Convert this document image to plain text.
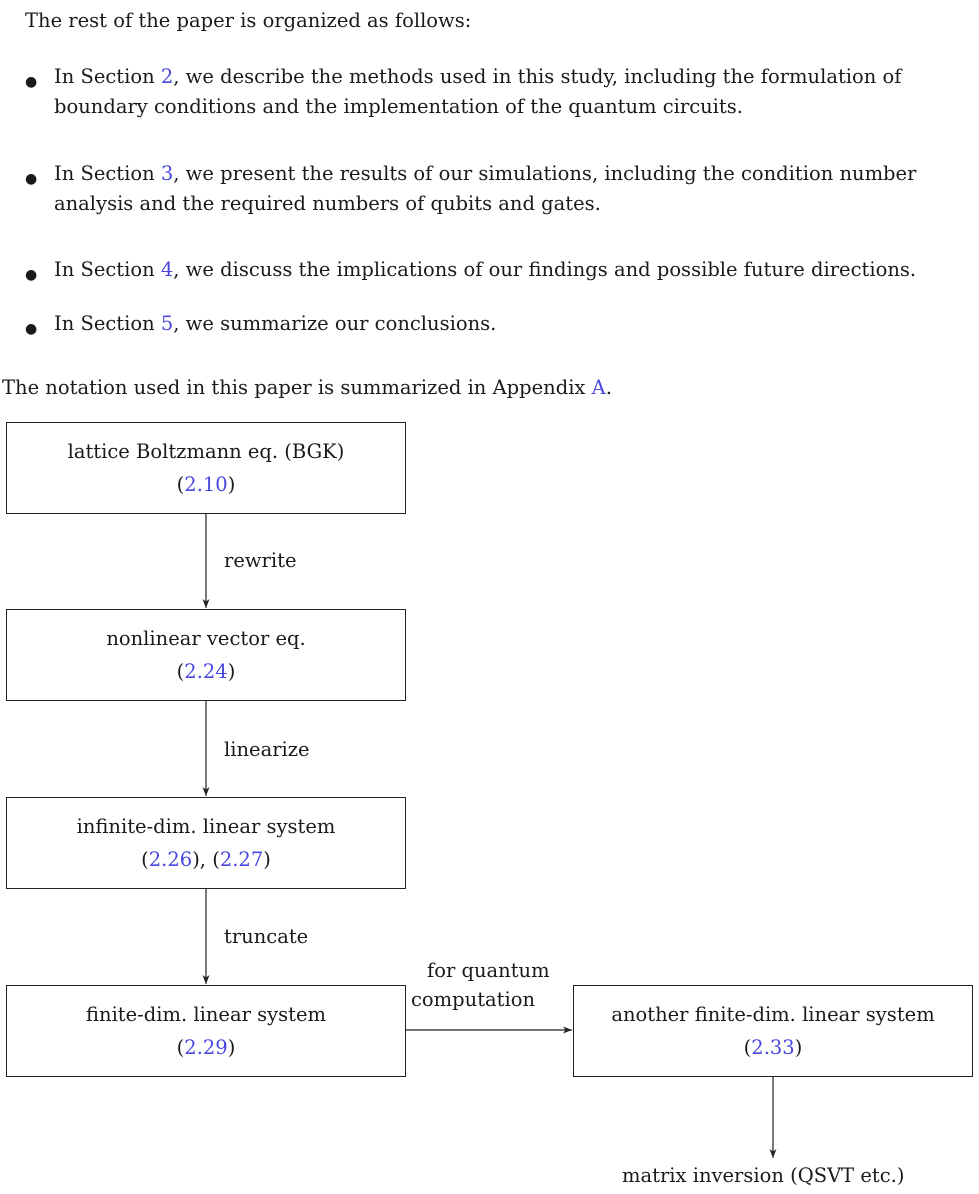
The rest of the paper is organized as follows:
● In Section 2, we describe the methods used in this study, including the formulation of boundary conditions and the implementation of the quantum circuits.
● In Section 3, we present the results of our simulations, including the condition number analysis and the required numbers of qubits and gates.
● In Section 4, we discuss the implications of our findings and possible future directions.
● In Section 5, we summarize our conclusions.
The notation used in this paper is summarized in Appendix A.
lattice Boltzmann eq. (BGK)
(2.10)
nonlinear vector eq.
(2.24)
infinite-dim. linear system
(2.26), (2.27)
finite-dim. linear system
(2.29)
another finite-dim. linear system
(2.33)
rewrite
linearize
truncate
for quantum
computation
matrix inversion (QSVT etc.)
